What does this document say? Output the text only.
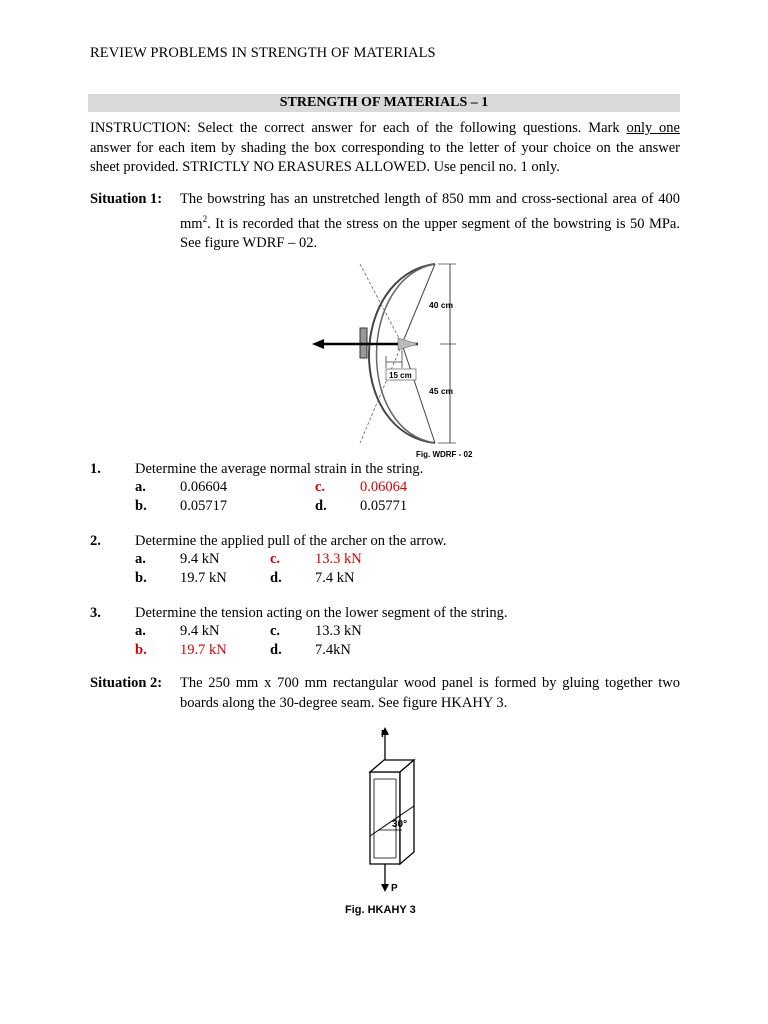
REVIEW PROBLEMS IN STRENGTH OF MATERIALS
STRENGTH OF MATERIALS – 1
INSTRUCTION: Select the correct answer for each of the following questions. Mark only one answer for each item by shading the box corresponding to the letter of your choice on the answer sheet provided. STRICTLY NO ERASURES ALLOWED. Use pencil no. 1 only.
Situation 1: The bowstring has an unstretched length of 850 mm and cross-sectional area of 400 $mm^2$. It is recorded that the stress on the upper segment of the bowstring is 50 MPa. See figure WDRF – 02.
40 cm
45 cm
15 cm
Fig. WDRF - 02
1. Determine the average normal strain in the string.
a. 0.06604	c. 0.06064
b. 0.05717	d. 0.05771
2. Determine the applied pull of the archer on the arrow.
a. 9.4 kN	c. 13.3 kN
b. 19.7 kN	d. 7.4 kN
3. Determine the tension acting on the lower segment of the string.
a. 9.4 kN	c. 13.3 kN
b. 19.7 kN	d. 7.4kN
Situation 2: The 250 mm x 700 mm rectangular wood panel is formed by gluing together two boards along the 30-degree seam. See figure HKAHY 3.
30°
P
P
Fig. HKAHY 3
